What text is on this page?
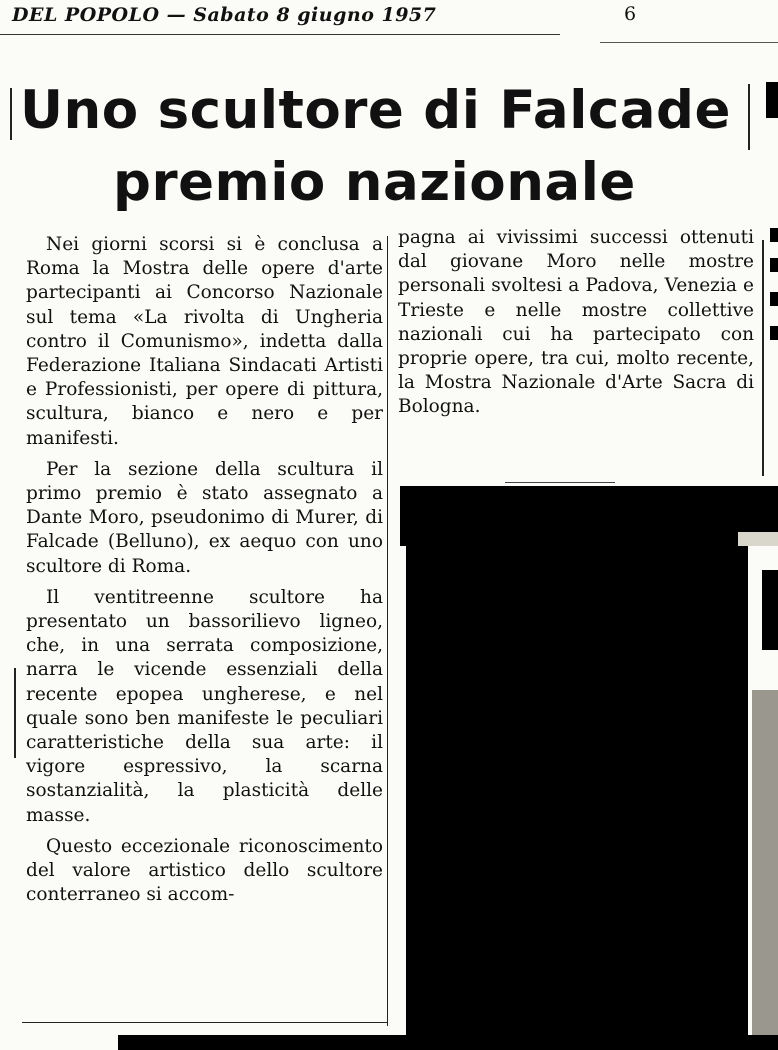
DEL POPOLO — Sabato 8 giugno 1957	6
Uno scultore di Falcade
premio nazionale

Nei giorni scorsi si è conclusa a Roma la Mostra delle opere d'arte partecipanti ai Concorso Nazionale sul tema «La rivolta di Ungheria contro il Comunismo», indetta dalla Federazione Italiana Sindacati Artisti e Professionisti, per opere di pittura, scultura, bianco e nero e per manifesti.

Per la sezione della scultura il primo premio è stato assegnato a Dante Moro, pseudonimo di Murer, di Falcade (Belluno), ex aequo con uno scultore di Roma.

Il ventitreenne scultore ha presentato un bassorilievo ligneo, che, in una serrata composizione, narra le vicende essenziali della recente epopea ungherese, e nel quale sono ben manifeste le peculiari caratteristiche della sua arte: il vigore espressivo, la scarna sostanzialità, la plasticità delle masse.

Questo eccezionale riconoscimento del valore artistico dello scultore conterraneo si accom-

pagna ai vivissimi successi ottenuti dal giovane Moro nelle mostre personali svoltesi a Padova, Venezia e Trieste e nelle mostre collettive nazionali cui ha partecipato con proprie opere, tra cui, molto recente, la Mostra Nazionale d'Arte Sacra di Bologna.
